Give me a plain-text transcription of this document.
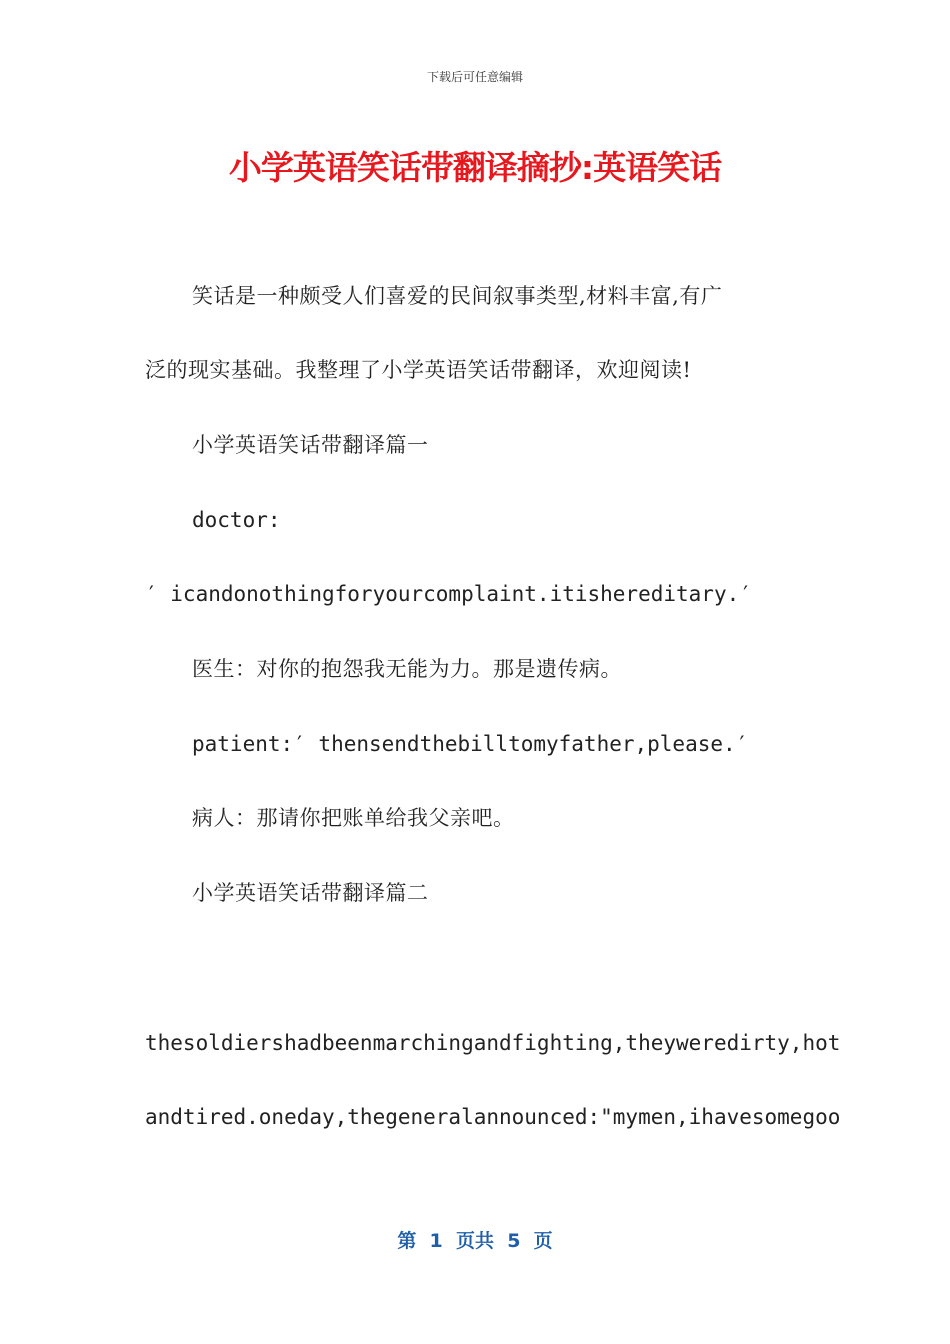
下载后可任意编辑
小学英语笑话带翻译摘抄:英语笑话
笑话是一种颇受人们喜爱的民间叙事类型,材料丰富,有广
泛的现实基础。我整理了小学英语笑话带翻译，欢迎阅读!
小学英语笑话带翻译篇一
doctor:
′ icandonothingforyourcomplaint.itishereditary.′
医生：对你的抱怨我无能为力。那是遗传病。
patient:′ thensendthebilltomyfather,please.′
病人：那请你把账单给我父亲吧。
小学英语笑话带翻译篇二
thesoldiershadbeenmarchingandfighting,theyweredirty,hot
andtired.oneday,thegeneralannounced:"mymen,ihavesomegoo
第  1  页共  5  页
